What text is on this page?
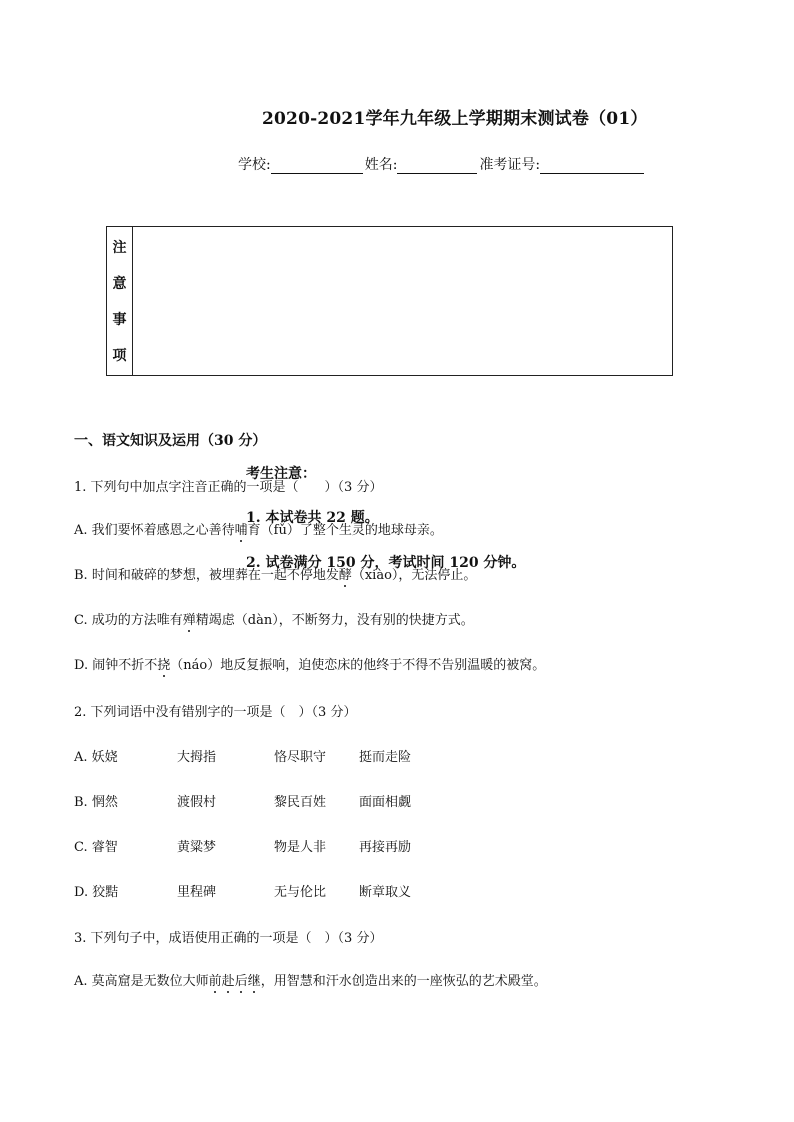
2020-2021学年九年级上学期期末测试卷（01）
学校:	姓名:	准考证号:
注
意
事
项
考生注意：
1. 本试卷共 22 题。
2. 试卷满分 150 分，考试时间 120 分钟。
一、语文知识及运用（30 分）
1. 下列句中加点字注音正确的一项是（　　）（3 分）
A. 我们要怀着感恩之心善待哺育（fǔ）了整个生灵的地球母亲。
B. 时间和破碎的梦想，被埋葬在一起不停地发酵（xiào），无法停止。
C. 成功的方法唯有殚精竭虑（dàn），不断努力，没有别的快捷方式。
D. 闹钟不折不挠（náo）地反复振响，迫使恋床的他终于不得不告别温暖的被窝。
2. 下列词语中没有错别字的一项是（　）（3 分）
A. 妖娆	大拇指	恪尽职守	挺而走险
B. 惘然	渡假村	黎民百姓	面面相觑
C. 睿智	黄粱梦	物是人非	再接再励
D. 狡黠	里程碑	无与伦比	断章取义
3. 下列句子中，成语使用正确的一项是（　）（3 分）
A. 莫高窟是无数位大师前赴后继，用智慧和汗水创造出来的一座恢弘的艺术殿堂。
